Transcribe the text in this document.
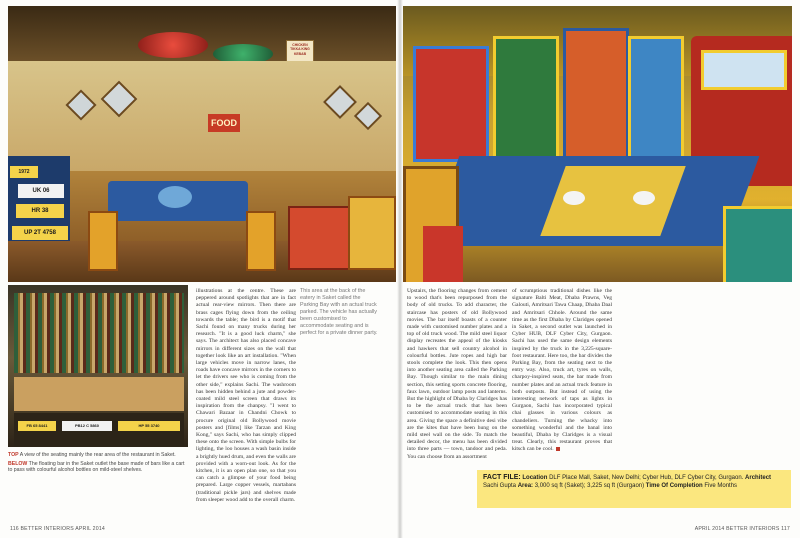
CHICKEN TIKKA KING KEBAB
FOOD
1972
UK 06
HR 38
UP 2T 4758
FB 65 8441	PB12 C 5860	HP 55 3740
TOP A view of the seating mainly the rear area of the restaurant in Saket.
BELOW The floating bar in the Saket outlet the base made of bars like a cart to pass with colourful alcohol bottles on mild-steel shelves.
illustrations at the centre. These are peppered around spotlights that are in fact actual rear-view mirrors. Then there are brass cages flying down from the ceiling towards the table; the bird is a motif that Sachi found on many trucks during her research. "It is a good luck charm," she says. The architect has also placed concave mirrors in different sizes on the wall that together look like an art installation. "When large vehicles move in narrow lanes, the roads have concave mirrors in the corners to let the drivers see who is coming from the other side," explains Sachi. The washroom has been hidden behind a jute and powder-coated mild steel screen that draws its inspiration from the chanpsy. "I went to Chawari Bazaar in Chandni Chowk to procure original old Bollywood movie posters and [films] like Tarzan and King Kong," says Sachi, who has simply clipped these onto the screen. With simple bulbs for lighting, the loo houses a wash basin inside a brightly hued drum, and even the walls are provided with a worn-out look. As for the kitchen, it is an open plan one, so that you can catch a glimpse of your food being prepared. Large copper vessels, martabans (traditional pickle jars) and shelves made from sleeper wood add to the overall charm.
This area at the back of the eatery in Saket called the Parking Bay with an actual truck parked. The vehicle has actually been customised to accommodate seating and is perfect for a private dinner party.
Upstairs, the flooring changes from cement to wood that's been repurposed from the body of old trucks. To add character, the staircase has posters of old Bollywood movies. The bar itself boasts of a counter made with customised number plates and a top of old truck wood. The mild steel liquor display recreates the appeal of the kiosks and hawkers that sell country alcohol in colourful bottles. Jute ropes and high bar stools complete the look. This then opens into another seating area called the Parking Bay. Though similar to the main dining section, this setting sports concrete flooring, faux lawn, outdoor lamp posts and lanterns. But the highlight of Dhaba by Claridges has to be the actual truck that has been customised to accommodate seating in this area. Giving the space a definitive desi vibe are the kites that have been hung on the mild steel wall on the side. To match the detailed decor, the menu has been divided into three parts — town, tandoor and peda. You can choose from an assortment
of scrumptious traditional dishes like the signature Balti Meat, Dhaba Prawns, Veg Galouti, Amritsari Tawa Chaap, Dhaba Daal and Amritsari Chhole. Around the same time as the first Dhaba by Claridges opened in Saket, a second outlet was launched in Cyber HUB, DLF Cyber City, Gurgaon. Sachi has used the same design elements inspired by the truck in the 3,225-square-foot restaurant. Here too, the bar divides the Parking Bay, from the seating next to the entry way. Also, truck art, tyres on walls, charpoy-inspired seats, the bar made from number plates and an actual truck feature in both outposts. But instead of using the interesting network of taps as lights in Gurgaon, Sachi has incorporated typical chai glasses in various colours as chandeliers. Turning the whacky into something wonderful and the banal into beautiful, Dhaba by Claridges is a visual treat. Clearly, this restaurant proves that kitsch can be cool.
FACT FILE: Location DLF Place Mall, Saket, New Delhi; Cyber Hub, DLF Cyber City, Gurgaon. Architect Sachi Gupta Area: 3,000 sq ft (Saket); 3,225 sq ft (Gurgaon) Time Of Completion Five Months
116 BETTER INTERIORS APRIL 2014	APRIL 2014 BETTER INTERIORS 117
